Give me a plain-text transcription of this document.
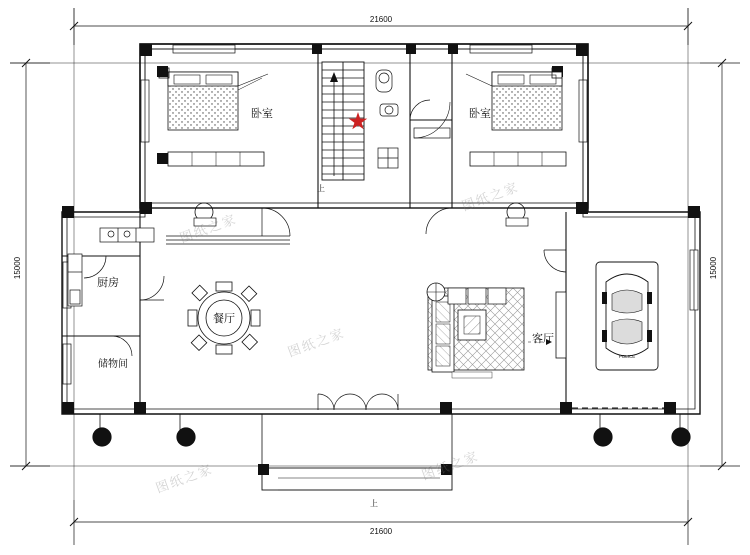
21600
21600
15000	15000
POLICE
卧室	卧室
厨房
储物间
餐厅
客厅
上
上
图纸之家
图纸之家
图纸之家
图纸之家	图纸之家
